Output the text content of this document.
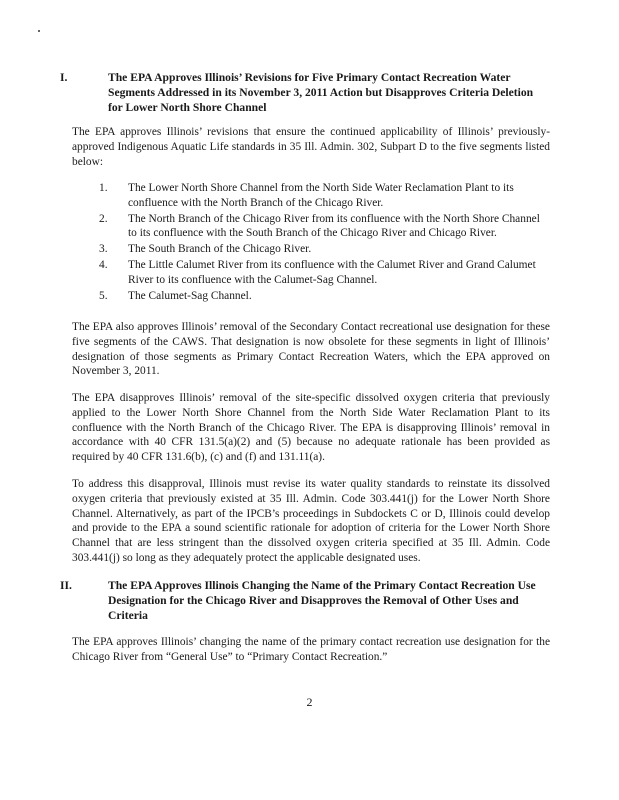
I.	The EPA Approves Illinois’ Revisions for Five Primary Contact Recreation Water Segments Addressed in its November 3, 2011 Action but Disapproves Criteria Deletion for Lower North Shore Channel

The EPA approves Illinois’ revisions that ensure the continued applicability of Illinois’ previously-approved Indigenous Aquatic Life standards in 35 Ill. Admin. 302, Subpart D to the five segments listed below:

1. The Lower North Shore Channel from the North Side Water Reclamation Plant to its confluence with the North Branch of the Chicago River.
2. The North Branch of the Chicago River from its confluence with the North Shore Channel to its confluence with the South Branch of the Chicago River and Chicago River.
3. The South Branch of the Chicago River.
4. The Little Calumet River from its confluence with the Calumet River and Grand Calumet River to its confluence with the Calumet-Sag Channel.
5. The Calumet-Sag Channel.

The EPA also approves Illinois’ removal of the Secondary Contact recreational use designation for these five segments of the CAWS. That designation is now obsolete for these segments in light of Illinois’ designation of those segments as Primary Contact Recreation Waters, which the EPA approved on November 3, 2011.

The EPA disapproves Illinois’ removal of the site-specific dissolved oxygen criteria that previously applied to the Lower North Shore Channel from the North Side Water Reclamation Plant to its confluence with the North Branch of the Chicago River. The EPA is disapproving Illinois’ removal in accordance with 40 CFR 131.5(a)(2) and (5) because no adequate rationale has been provided as required by 40 CFR 131.6(b), (c) and (f) and 131.11(a).

To address this disapproval, Illinois must revise its water quality standards to reinstate its dissolved oxygen criteria that previously existed at 35 Ill. Admin. Code 303.441(j) for the Lower North Shore Channel. Alternatively, as part of the IPCB’s proceedings in Subdockets C or D, Illinois could develop and provide to the EPA a sound scientific rationale for adoption of criteria for the Lower North Shore Channel that are less stringent than the dissolved oxygen criteria specified at 35 Ill. Admin. Code 303.441(j) so long as they adequately protect the applicable designated uses.

II.	The EPA Approves Illinois Changing the Name of the Primary Contact Recreation Use Designation for the Chicago River and Disapproves the Removal of Other Uses and Criteria

The EPA approves Illinois’ changing the name of the primary contact recreation use designation for the Chicago River from “General Use” to “Primary Contact Recreation.”

2
